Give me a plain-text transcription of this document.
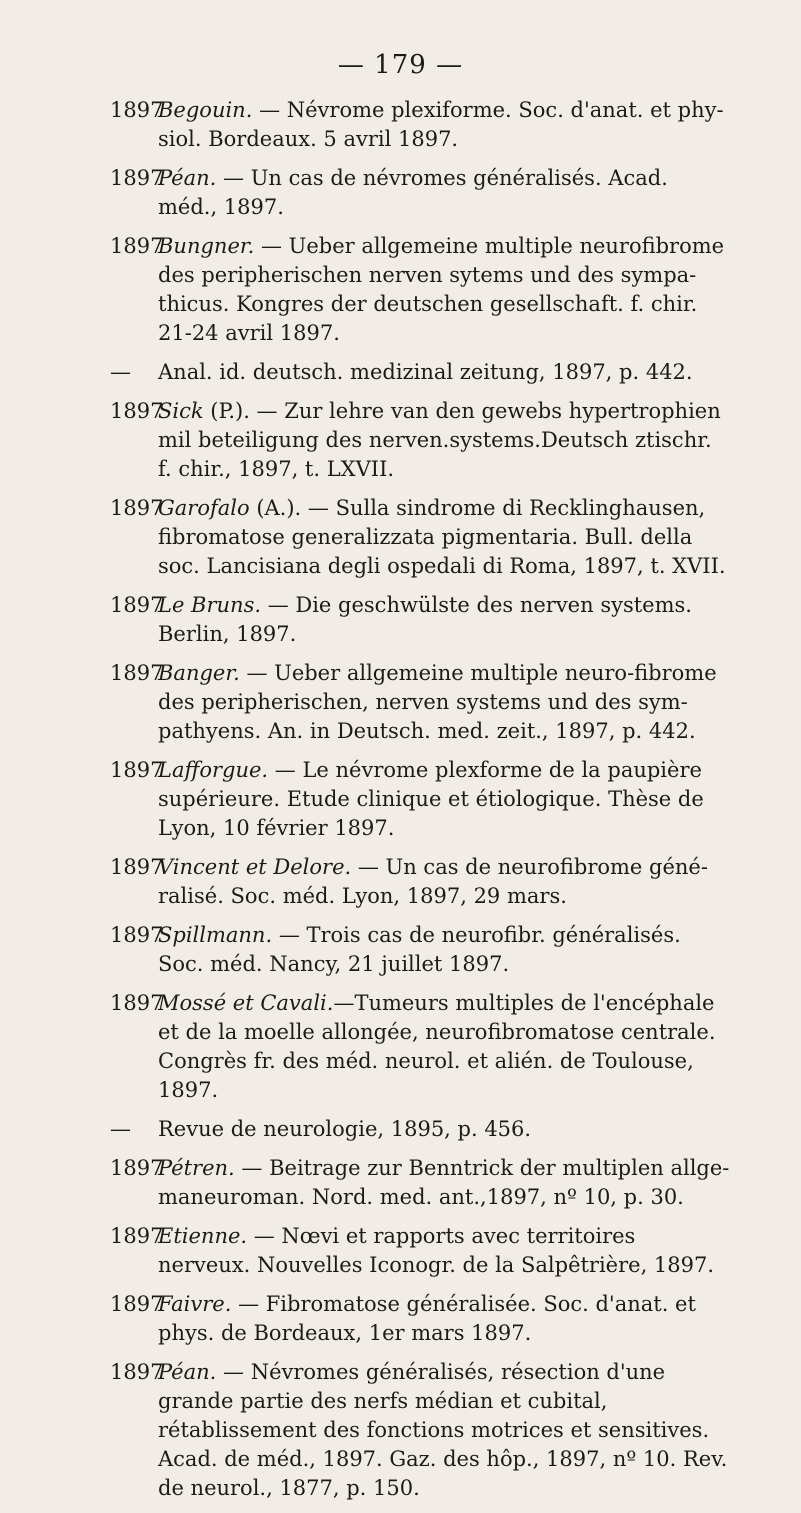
— 179 —

1897Begouin. — Névrome plexiforme. Soc. d'anat. et phy- siol. Bordeaux. 5 avril 1897.

1897Péan. — Un cas de névromes généralisés. Acad. méd., 1897.

1897Bungner. — Ueber allgemeine multiple neurofibrome des peripherischen nerven sytems und des sympa- thicus. Kongres der deutschen gesellschaft. f. chir. 21-24 avril 1897.

— Anal. id. deutsch. medizinal zeitung, 1897, p. 442.

1897Sick (P.). — Zur lehre van den gewebs hypertrophien mil beteiligung des nerven.systems.Deutsch ztischr. f. chir., 1897, t. LXVII.

1897Garofalo (A.). — Sulla sindrome di Recklinghausen, fibromatose generalizzata pigmentaria. Bull. della soc. Lancisiana degli ospedali di Roma, 1897, t. XVII.

1897Le Bruns. — Die geschwülste des nerven systems. Berlin, 1897.

1897Banger. — Ueber allgemeine multiple neuro-fibrome des peripherischen, nerven systems und des sym- pathyens. An. in Deutsch. med. zeit., 1897, p. 442.

1897Lafforgue. — Le névrome plexforme de la paupière supérieure. Etude clinique et étiologique. Thèse de Lyon, 10 février 1897.

1897Vincent et Delore. — Un cas de neurofibrome géné- ralisé. Soc. méd. Lyon, 1897, 29 mars.

1897Spillmann. — Trois cas de neurofibr. généralisés. Soc. méd. Nancy, 21 juillet 1897.

1897Mossé et Cavali.—Tumeurs multiples de l'encéphale et de la moelle allongée, neurofibromatose centrale. Congrès fr. des méd. neurol. et alién. de Toulouse, 1897.

— Revue de neurologie, 1895, p. 456.

1897Pétren. — Beitrage zur Benntrick der multiplen allge- maneuroman. Nord. med. ant.,1897, nº 10, p. 30.

1897Etienne. — Nœvi et rapports avec territoires nerveux. Nouvelles Iconogr. de la Salpêtrière, 1897.

1897Faivre. — Fibromatose généralisée. Soc. d'anat. et phys. de Bordeaux, 1er mars 1897.

1897Péan. — Névromes généralisés, résection d'une grande partie des nerfs médian et cubital, rétablissement des fonctions motrices et sensitives. Acad. de méd., 1897. Gaz. des hôp., 1897, nº 10. Rev. de neurol., 1877, p. 150.
